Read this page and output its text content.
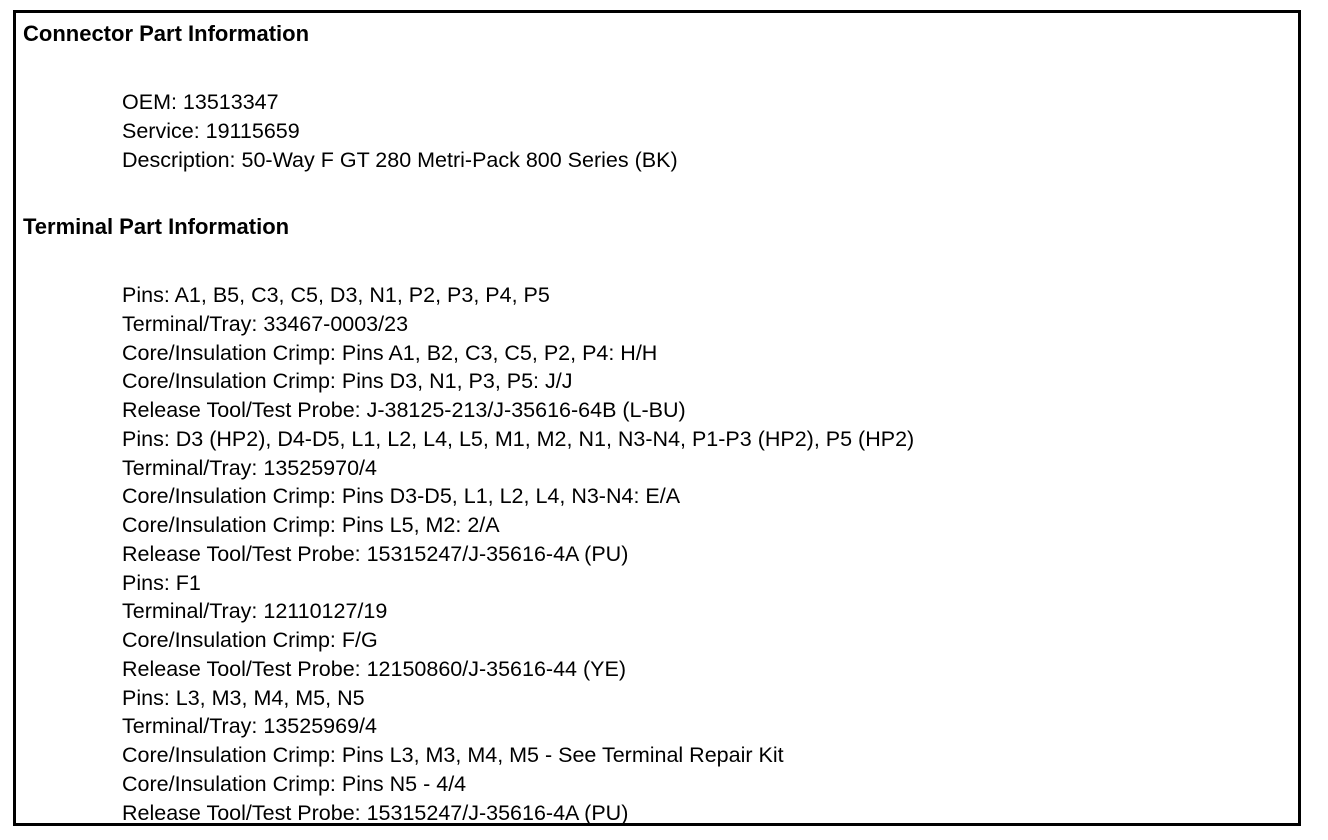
Connector Part Information
OEM: 13513347
Service: 19115659
Description: 50-Way F GT 280 Metri-Pack 800 Series (BK)
Terminal Part Information
Pins: A1, B5, C3, C5, D3, N1, P2, P3, P4, P5
Terminal/Tray: 33467-0003/23
Core/Insulation Crimp: Pins A1, B2, C3, C5, P2, P4: H/H
Core/Insulation Crimp: Pins D3, N1, P3, P5: J/J
Release Tool/Test Probe: J-38125-213/J-35616-64B (L-BU)
Pins: D3 (HP2), D4-D5, L1, L2, L4, L5, M1, M2, N1, N3-N4, P1-P3 (HP2), P5 (HP2)
Terminal/Tray: 13525970/4
Core/Insulation Crimp: Pins D3-D5, L1, L2, L4, N3-N4: E/A
Core/Insulation Crimp: Pins L5, M2: 2/A
Release Tool/Test Probe: 15315247/J-35616-4A (PU)
Pins: F1
Terminal/Tray: 12110127/19
Core/Insulation Crimp: F/G
Release Tool/Test Probe: 12150860/J-35616-44 (YE)
Pins: L3, M3, M4, M5, N5
Terminal/Tray: 13525969/4
Core/Insulation Crimp: Pins L3, M3, M4, M5 - See Terminal Repair Kit
Core/Insulation Crimp: Pins N5 - 4/4
Release Tool/Test Probe: 15315247/J-35616-4A (PU)
